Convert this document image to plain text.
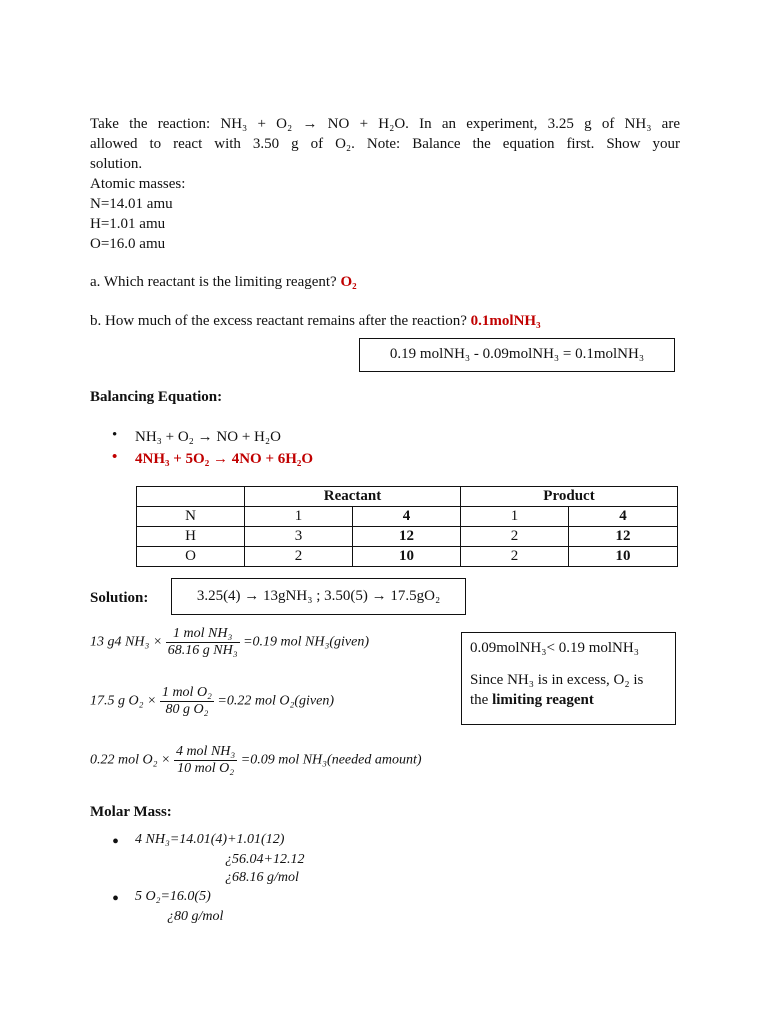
Take the reaction: NH₃ + O₂ → NO + H₂O. In an experiment, 3.25 g of NH₃ are
allowed to react with 3.50 g of O₂. Note: Balance the equation first. Show your
solution.
Atomic masses:
N=14.01 amu
H=1.01 amu
O=16.0 amu
a. Which reactant is the limiting reagent? O₂
b. How much of the excess reactant remains after the reaction? 0.1molNH₃
0.19 molNH₃ - 0.09molNH₃ = 0.1molNH₃
Balancing Equation:
• NH₃ + O₂ → NO + H₂O
• 4NH₃ + 5O₂ → 4NO + 6H₂O
	Reactant		Product	
N	1	4	1	4
H	3	12	2	12
O	2	10	2	10
Solution:	3.25(4) → 13gNH₃ ; 3.50(5) → 17.5gO₂
13 g4 $NH_3 \times \frac{\text{1 mol NH₃}}{\text{68.16 g NH₃}} =0.19$ mol NH₃(given)
17.5 g $O_2 \times \frac{\text{1 mol O₂}}{\text{80 g O₂}} =0.22$ mol O₂(given)
0.22 mol $O_2 \times \frac{\text{4 mol NH₃}}{\text{10 mol O₂}} =0.09$ mol NH₃(needed amount)
0.09molNH₃< 0.19 molNH₃
Since NH₃ is in excess, O₂ is
the limiting reagent
Molar Mass:
• 4 NH₃=14.01(4)+1.01(12)
¿56.04+12.12
¿68.16 g/mol
• 5 O₂=16.0(5)
¿80 g/mol
